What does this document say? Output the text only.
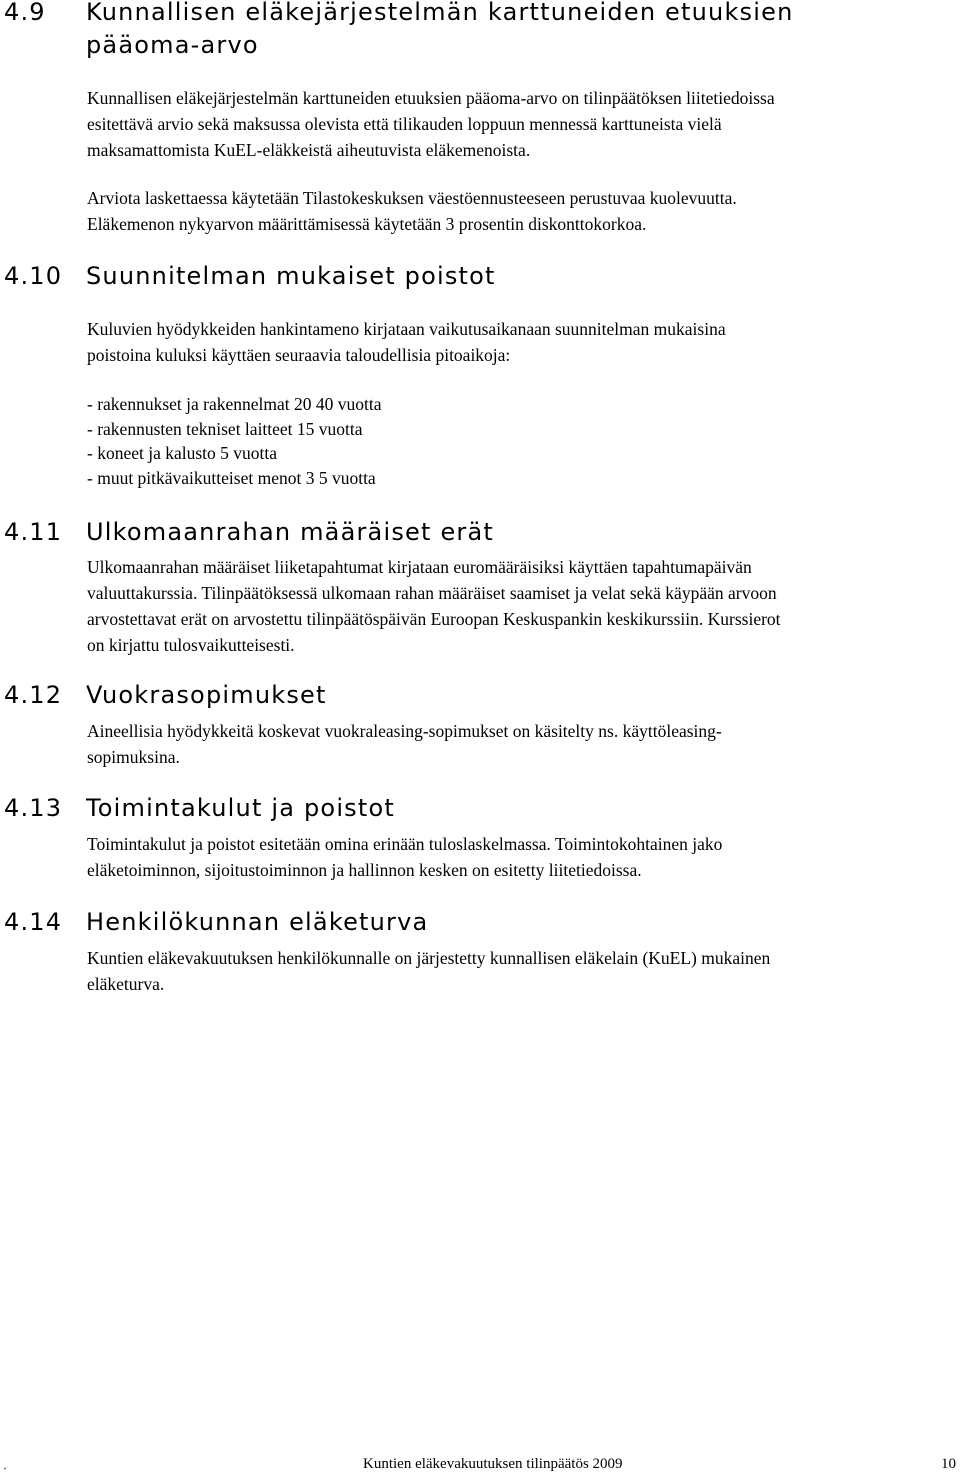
4.9 Kunnallisen eläkejärjestelmän karttuneiden etuuksien
pääoma-arvo
Kunnallisen eläkejärjestelmän karttuneiden etuuksien pääoma-arvo on tilinpäätöksen liitetiedoissa
esitettävä arvio sekä maksussa olevista että tilikauden loppuun mennessä karttuneista vielä
maksamattomista KuEL-eläkkeistä aiheutuvista eläkemenoista.
Arviota laskettaessa käytetään Tilastokeskuksen väestöennusteeseen perustuvaa kuolevuutta.
Eläkemenon nykyarvon määrittämisessä käytetään 3 prosentin diskonttokorkoa.
4.10 Suunnitelman mukaiset poistot
Kuluvien hyödykkeiden hankintameno kirjataan vaikutusaikanaan suunnitelman mukaisina
poistoina kuluksi käyttäen seuraavia taloudellisia pitoaikoja:
- rakennukset ja rakennelmat 20 40 vuotta
- rakennusten tekniset laitteet 15 vuotta
- koneet ja kalusto 5 vuotta
- muut pitkävaikutteiset menot 3 5 vuotta
4.11 Ulkomaanrahan määräiset erät
Ulkomaanrahan määräiset liiketapahtumat kirjataan euromääräisiksi käyttäen tapahtumapäivän
valuuttakurssia. Tilinpäätöksessä ulkomaan rahan määräiset saamiset ja velat sekä käypään arvoon
arvostettavat erät on arvostettu tilinpäätöspäivän Euroopan Keskuspankin keskikurssiin. Kurssierot
on kirjattu tulosvaikutteisesti.
4.12 Vuokrasopimukset
Aineellisia hyödykkeitä koskevat vuokraleasing-sopimukset on käsitelty ns. käyttöleasing-
sopimuksina.
4.13 Toimintakulut ja poistot
Toimintakulut ja poistot esitetään omina erinään tuloslaskelmassa. Toimintokohtainen jako
eläketoiminnon, sijoitustoiminnon ja hallinnon kesken on esitetty liitetiedoissa.
4.14 Henkilökunnan eläketurva
Kuntien eläkevakuutuksen henkilökunnalle on järjestetty kunnallisen eläkelain (KuEL) mukainen
eläketurva.
´	Kuntien eläkevakuutuksen tilinpäätös 2009	10
